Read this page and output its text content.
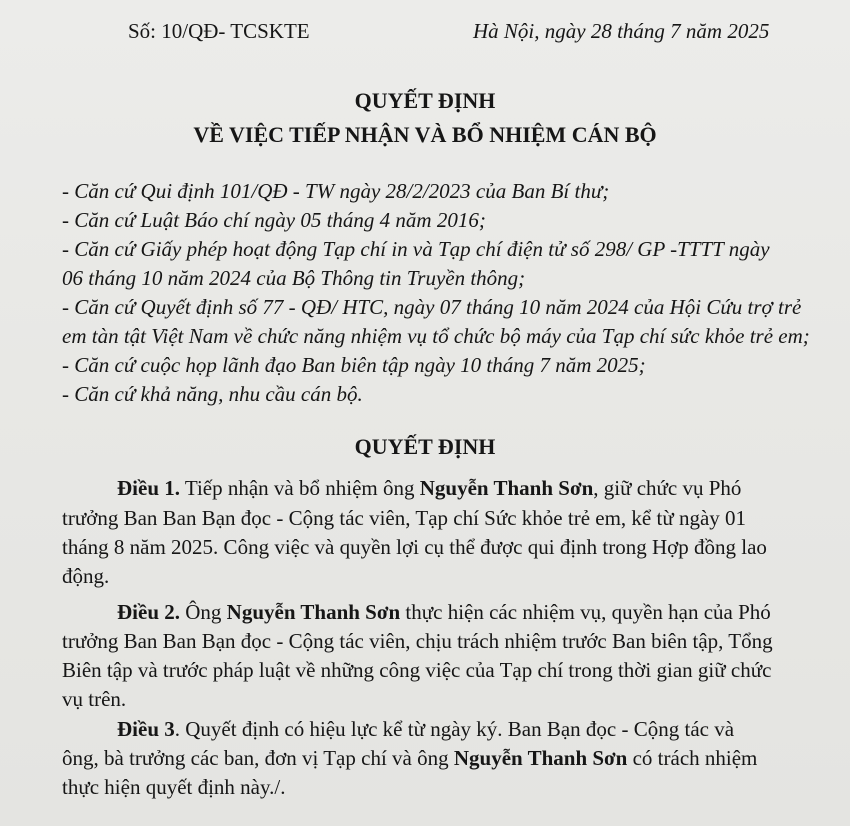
Số: 10/QĐ- TCSKTE	Hà Nội, ngày 28 tháng 7 năm 2025
QUYẾT ĐỊNH
VỀ VIỆC TIẾP NHẬN VÀ BỔ NHIỆM CÁN BỘ
- Căn cứ Qui định 101/QĐ - TW ngày 28/2/2023 của Ban Bí thư;
- Căn cứ Luật Báo chí ngày 05 tháng 4 năm 2016;
- Căn cứ Giấy phép hoạt động Tạp chí in và Tạp chí điện tử số 298/ GP -TTTT ngày
06 tháng 10 năm 2024 của Bộ Thông tin Truyền thông;
- Căn cứ Quyết định số 77 - QĐ/ HTC, ngày 07 tháng 10 năm 2024 của Hội Cứu trợ trẻ
em tàn tật Việt Nam về chức năng nhiệm vụ tổ chức bộ máy của Tạp chí sức khỏe trẻ em;
- Căn cứ cuộc họp lãnh đạo Ban biên tập ngày 10 tháng 7 năm 2025;
- Căn cứ khả năng, nhu cầu cán bộ.
QUYẾT ĐỊNH
Điều 1. Tiếp nhận và bổ nhiệm ông Nguyễn Thanh Sơn, giữ chức vụ Phó
trưởng Ban Ban Bạn đọc - Cộng tác viên, Tạp chí Sức khỏe trẻ em, kể từ ngày 01
tháng 8 năm 2025. Công việc và quyền lợi cụ thể được qui định trong Hợp đồng lao
động.
Điều 2. Ông Nguyễn Thanh Sơn thực hiện các nhiệm vụ, quyền hạn của Phó
trưởng Ban Ban Bạn đọc - Cộng tác viên, chịu trách nhiệm trước Ban biên tập, Tổng
Biên tập và trước pháp luật về những công việc của Tạp chí trong thời gian giữ chức
vụ trên.
Điều 3. Quyết định có hiệu lực kể từ ngày ký. Ban Bạn đọc - Cộng tác và
ông, bà trưởng các ban, đơn vị Tạp chí và ông Nguyễn Thanh Sơn có trách nhiệm
thực hiện quyết định này./.
